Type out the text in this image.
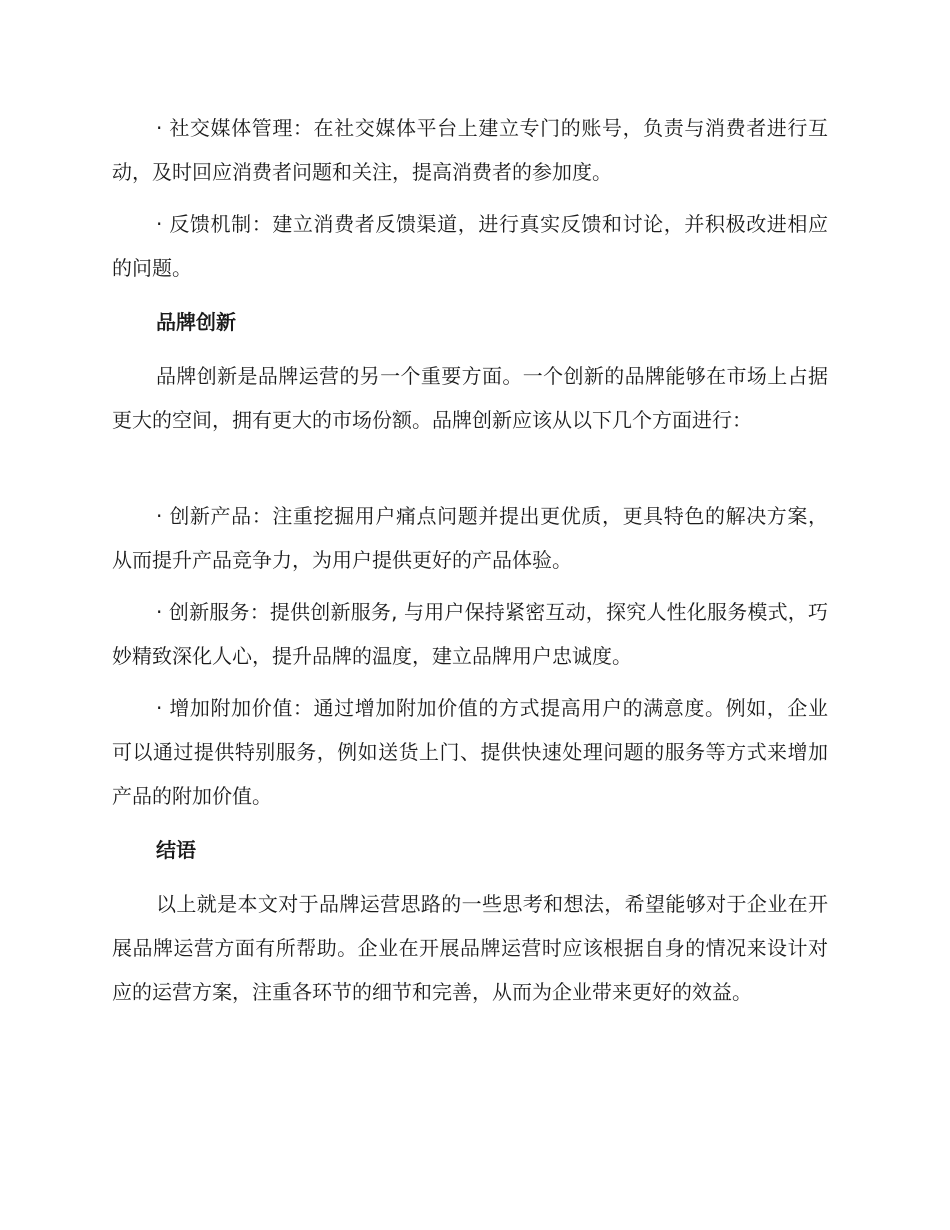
· 社交媒体管理：在社交媒体平台上建立专门的账号，负责与消费者进行互动，及时回应消费者问题和关注，提高消费者的参加度。

· 反馈机制：建立消费者反馈渠道，进行真实反馈和讨论，并积极改进相应的问题。

品牌创新

品牌创新是品牌运营的另一个重要方面。一个创新的品牌能够在市场上占据更大的空间，拥有更大的市场份额。品牌创新应该从以下几个方面进行：

· 创新产品：注重挖掘用户痛点问题并提出更优质，更具特色的解决方案，从而提升产品竞争力，为用户提供更好的产品体验。

· 创新服务：提供创新服务, 与用户保持紧密互动，探究人性化服务模式，巧妙精致深化人心，提升品牌的温度，建立品牌用户忠诚度。

· 增加附加价值：通过增加附加价值的方式提高用户的满意度。例如，企业可以通过提供特别服务，例如送货上门、提供快速处理问题的服务等方式来增加产品的附加价值。

结语

以上就是本文对于品牌运营思路的一些思考和想法，希望能够对于企业在开展品牌运营方面有所帮助。企业在开展品牌运营时应该根据自身的情况来设计对应的运营方案，注重各环节的细节和完善，从而为企业带来更好的效益。
